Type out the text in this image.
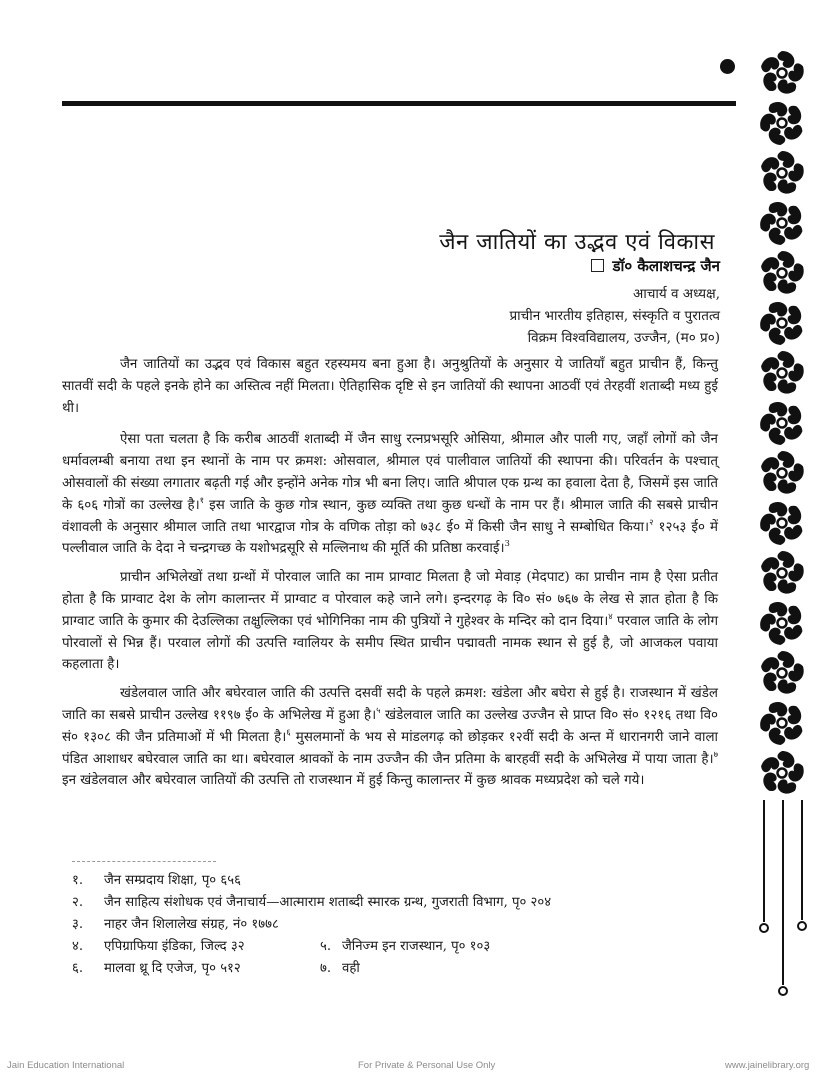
जैन जातियों का उद्भव एवं विकास
डॉ० कैलाशचन्द्र जैन
आचार्य व अध्यक्ष,
प्राचीन भारतीय इतिहास, संस्कृति व पुरातत्व
विक्रम विश्वविद्यालय, उज्जैन, (म० प्र०)

जैन जातियों का उद्भव एवं विकास बहुत रहस्यमय बना हुआ है। अनुश्रुतियों के अनुसार ये जातियाँ बहुत प्राचीन हैं, किन्तु सातवीं सदी के पहले इनके होने का अस्तित्व नहीं मिलता। ऐतिहासिक दृष्टि से इन जातियों की स्थापना आठवीं एवं तेरहवीं शताब्दी मध्य हुई थी।

ऐसा पता चलता है कि करीब आठवीं शताब्दी में जैन साधु रत्नप्रभसूरि ओसिया, श्रीमाल और पाली गए, जहाँ लोगों को जैन धर्मावलम्बी बनाया तथा इन स्थानों के नाम पर क्रमश: ओसवाल, श्रीमाल एवं पालीवाल जातियों की स्थापना की। परिवर्तन के पश्चात् ओसवालों की संख्या लगातार बढ़ती गई और इन्होंने अनेक गोत्र भी बना लिए। जाति श्रीपाल एक ग्रन्थ का हवाला देता है, जिसमें इस जाति के ६०६ गोत्रों का उल्लेख है।$^१$ इस जाति के कुछ गोत्र स्थान, कुछ व्यक्ति तथा कुछ धन्धों के नाम पर हैं। श्रीमाल जाति की सबसे प्राचीन वंशावली के अनुसार श्रीमाल जाति तथा भारद्वाज गोत्र के वणिक तोड़ा को ७३८ ई० में किसी जैन साधु ने सम्बोधित किया।$^२$ १२५३ ई० में पल्लीवाल जाति के देदा ने चन्द्रगच्छ के यशोभद्रसूरि से मल्लिनाथ की मूर्ति की प्रतिष्ठा करवाई।$^3$

प्राचीन अभिलेखों तथा ग्रन्थों में पोरवाल जाति का नाम प्राग्वाट मिलता है जो मेवाड़ (मेदपाट) का प्राचीन नाम है ऐसा प्रतीत होता है कि प्राग्वाट देश के लोग कालान्तर में प्राग्वाट व पोरवाल कहे जाने लगे। इन्दरगढ़ के वि० सं० ७६७ के लेख से ज्ञात होता है कि प्राग्वाट जाति के कुमार की देउल्लिका तक्षुल्लिका एवं भोगिनिका नाम की पुत्रियों ने गुहेश्वर के मन्दिर को दान दिया।$^४$ परवाल जाति के लोग पोरवालों से भिन्न हैं। परवाल लोगों की उत्पत्ति ग्वालियर के समीप स्थित प्राचीन पद्मावती नामक स्थान से हुई है, जो आजकल पवाया कहलाता है।

खंडेलवाल जाति और बघेरवाल जाति की उत्पत्ति दसवीं सदी के पहले क्रमश: खंडेला और बघेरा से हुई है। राजस्थान में खंडेल जाति का सबसे प्राचीन उल्लेख ११९७ ई० के अभिलेख में हुआ है।$^५$ खंडेलवाल जाति का उल्लेख उज्जैन से प्राप्त वि० सं० १२१६ तथा वि० सं० १३०८ की जैन प्रतिमाओं में भी मिलता है।$^६$ मुसलमानों के भय से मांडलगढ़ को छोड़कर १२वीं सदी के अन्त में धारानगरी जाने वाला पंडित आशाधर बघेरवाल जाति का था। बघेरवाल श्रावकों के नाम उज्जैन की जैन प्रतिमा के बारहवीं सदी के अभिलेख में पाया जाता है।$^७$ इन खंडेलवाल और बघेरवाल जातियों की उत्पत्ति तो राजस्थान में हुई किन्तु कालान्तर में कुछ श्रावक मध्यप्रदेश को चले गये।

१.	जैन सम्प्रदाय शिक्षा, पृ० ६५६
२.	जैन साहित्य संशोधक एवं जैनाचार्य—आत्माराम शताब्दी स्मारक ग्रन्थ, गुजराती विभाग, पृ० २०४
३.	नाहर जैन शिलालेख संग्रह, नं० १७७८
४.	एपिग्राफिया इंडिका, जिल्द ३२	५. जैनिज्म इन राजस्थान, पृ० १०३
६.	मालवा थ्रू दि एजेज, पृ० ५१२	७. वही
Jain Education International	For Private & Personal Use Only	www.jainelibrary.org
